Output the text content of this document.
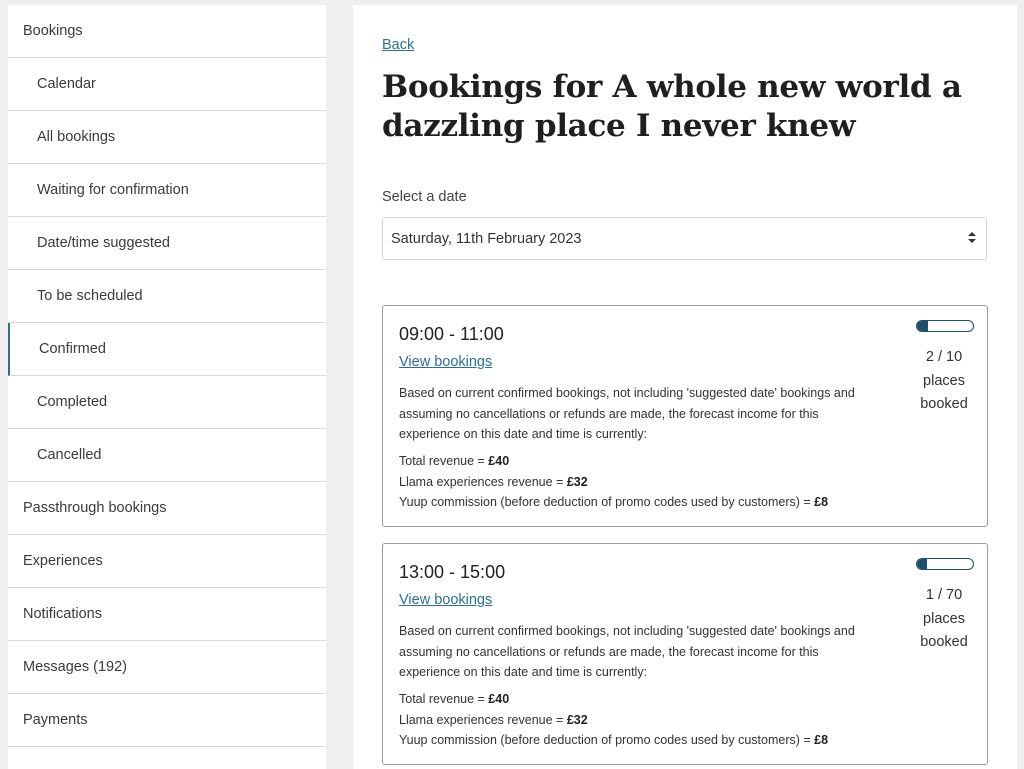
Bookings
Calendar
All bookings
Waiting for confirmation
Date/time suggested
To be scheduled
Confirmed
Completed
Cancelled
Passthrough bookings
Experiences
Notifications
Messages (192)
Payments
Back
Bookings for A whole new world a dazzling place I never knew
Select a date
Saturday, 11th February 2023
09:00 - 11:00
View bookings
Based on current confirmed bookings, not including 'suggested date' bookings and assuming no cancellations or refunds are made, the forecast income for this experience on this date and time is currently:
Total revenue = £40
Llama experiences revenue = £32
Yuup commission (before deduction of promo codes used by customers) = £8
2 / 10
places
booked
13:00 - 15:00
View bookings
Based on current confirmed bookings, not including 'suggested date' bookings and assuming no cancellations or refunds are made, the forecast income for this experience on this date and time is currently:
Total revenue = £40
Llama experiences revenue = £32
Yuup commission (before deduction of promo codes used by customers) = £8
1 / 70
places
booked
